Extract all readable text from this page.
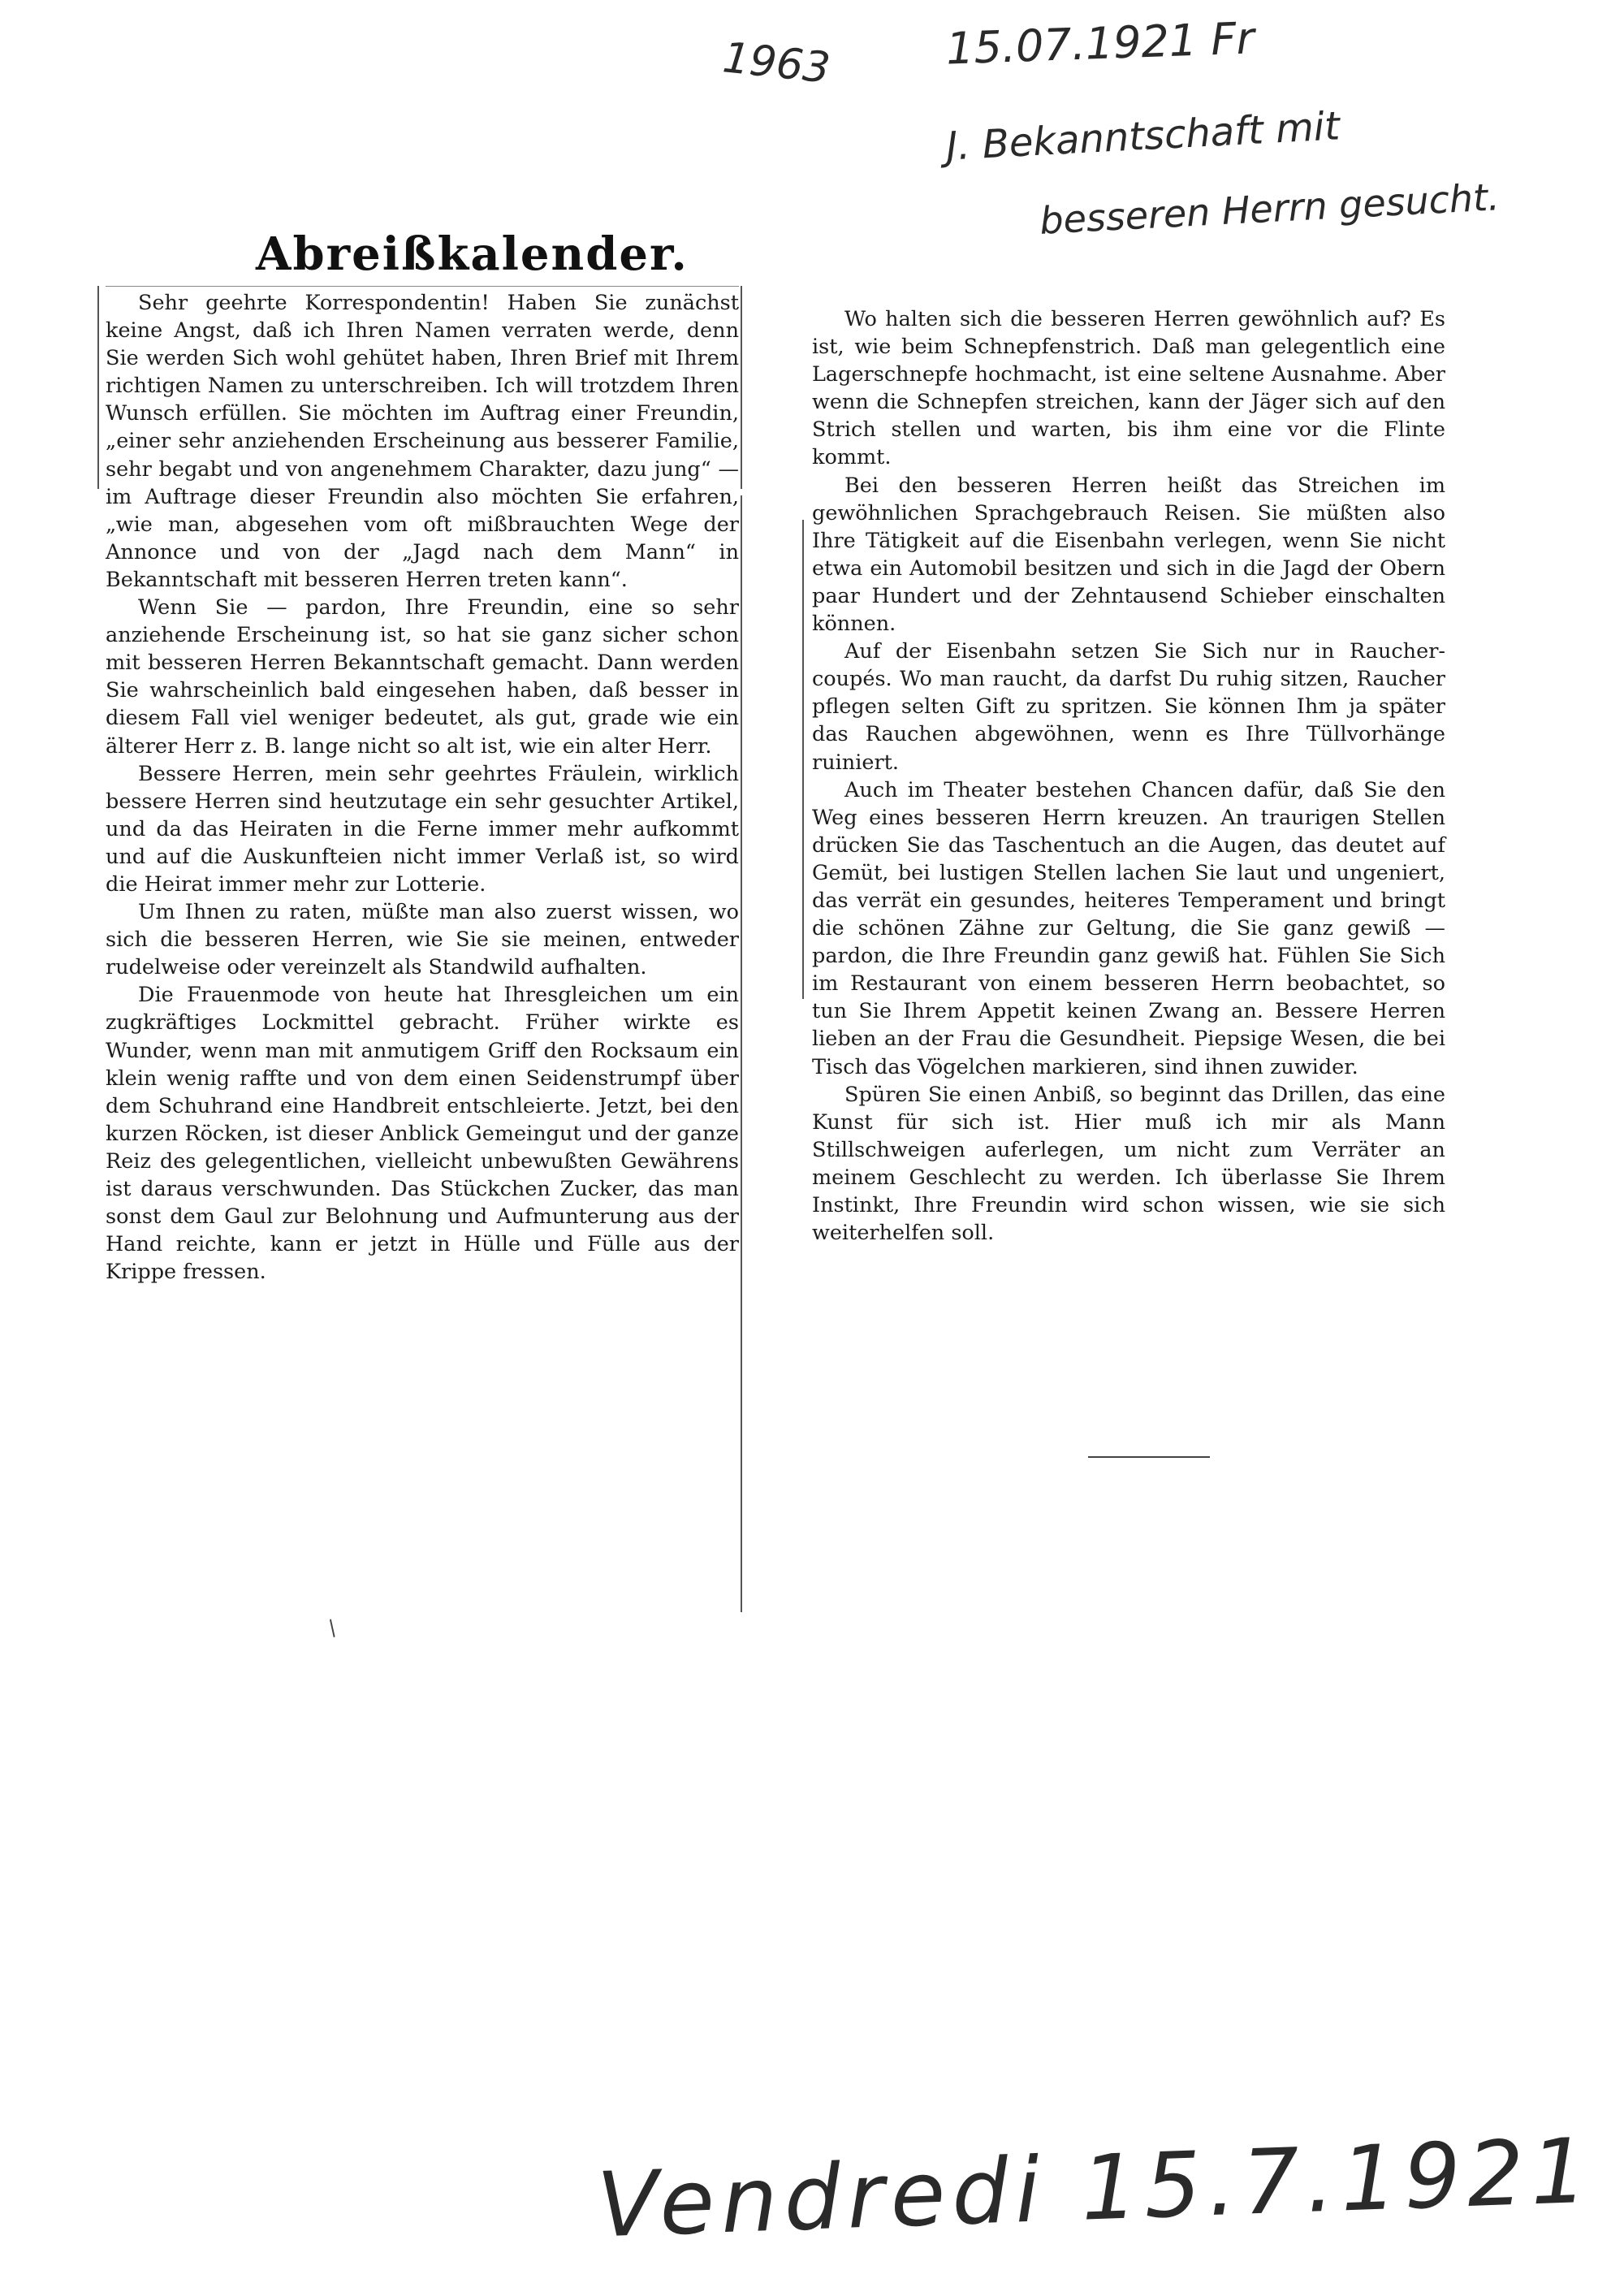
1963	15.07.1921 Fr
J. Bekanntschaft mit
besseren Herrn gesucht.
Abreißkalender.

Sehr geehrte Korrespondentin! Haben Sie zunächst keine Angst, daß ich Ihren Namen verraten werde, denn Sie werden Sich wohl gehütet haben, Ihren Brief mit Ihrem richtigen Namen zu unterschreiben. Ich will trotzdem Ihren Wunsch erfüllen. Sie möchten im Auftrag einer Freundin, „einer sehr anziehenden Erscheinung aus besserer Familie, sehr begabt und von angenehmem Charakter, dazu jung“ — im Auftrage dieser Freundin also möchten Sie erfahren, „wie man, abgesehen vom oft mißbrauchten Wege der Annonce und von der „Jagd nach dem Mann“ in Bekanntschaft mit besseren Herren treten kann“.

Wenn Sie — pardon, Ihre Freundin, eine so sehr anziehende Erscheinung ist, so hat sie ganz sicher schon mit besseren Herren Bekanntschaft gemacht. Dann werden Sie wahrscheinlich bald eingesehen haben, daß besser in diesem Fall viel weniger bedeutet, als gut, grade wie ein älterer Herr z. B. lange nicht so alt ist, wie ein alter Herr.

Bessere Herren, mein sehr geehrtes Fräulein, wirklich bessere Herren sind heutzutage ein sehr gesuchter Artikel, und da das Heiraten in die Ferne immer mehr aufkommt und auf die Auskunfteien nicht immer Verlaß ist, so wird die Heirat immer mehr zur Lotterie.

Um Ihnen zu raten, müßte man also zuerst wissen, wo sich die besseren Herren, wie Sie sie meinen, entweder rudelweise oder vereinzelt als Standwild aufhalten.

Die Frauenmode von heute hat Ihresgleichen um ein zugkräftiges Lockmittel gebracht. Früher wirkte es Wunder, wenn man mit anmutigem Griff den Rocksaum ein klein wenig raffte und von dem einen Seidenstrumpf über dem Schuhrand eine Handbreit entschleierte. Jetzt, bei den kurzen Röcken, ist dieser Anblick Gemeingut und der ganze Reiz des gelegentlichen, vielleicht unbewußten Gewährens ist daraus verschwunden. Das Stückchen Zucker, das man sonst dem Gaul zur Belohnung und Aufmunterung aus der Hand reichte, kann er jetzt in Hülle und Fülle aus der Krippe fressen.

Wo halten sich die besseren Herren gewöhnlich auf? Es ist, wie beim Schnepfenstrich. Daß man gelegentlich eine Lagerschnepfe hochmacht, ist eine seltene Ausnahme. Aber wenn die Schnepfen streichen, kann der Jäger sich auf den Strich stellen und warten, bis ihm eine vor die Flinte kommt.

Bei den besseren Herren heißt das Streichen im gewöhnlichen Sprachgebrauch Reisen. Sie müßten also Ihre Tätigkeit auf die Eisenbahn verlegen, wenn Sie nicht etwa ein Automobil besitzen und sich in die Jagd der Obern paar Hundert und der Zehntausend Schieber einschalten können.

Auf der Eisenbahn setzen Sie Sich nur in Raucher-coupés. Wo man raucht, da darfst Du ruhig sitzen, Raucher pflegen selten Gift zu spritzen. Sie können Ihm ja später das Rauchen abgewöhnen, wenn es Ihre Tüllvorhänge ruiniert.

Auch im Theater bestehen Chancen dafür, daß Sie den Weg eines besseren Herrn kreuzen. An traurigen Stellen drücken Sie das Taschentuch an die Augen, das deutet auf Gemüt, bei lustigen Stellen lachen Sie laut und ungeniert, das verrät ein gesundes, heiteres Temperament und bringt die schönen Zähne zur Geltung, die Sie ganz gewiß — pardon, die Ihre Freundin ganz gewiß hat. Fühlen Sie Sich im Restaurant von einem besseren Herrn beobachtet, so tun Sie Ihrem Appetit keinen Zwang an. Bessere Herren lieben an der Frau die Gesundheit. Piepsige Wesen, die bei Tisch das Vögelchen markieren, sind ihnen zuwider.

Spüren Sie einen Anbiß, so beginnt das Drillen, das eine Kunst für sich ist. Hier muß ich mir als Mann Stillschweigen auferlegen, um nicht zum Verräter an meinem Geschlecht zu werden. Ich überlasse Sie Ihrem Instinkt, Ihre Freundin wird schon wissen, wie sie sich weiterhelfen soll.

/
Vendredi 15.7.1921
